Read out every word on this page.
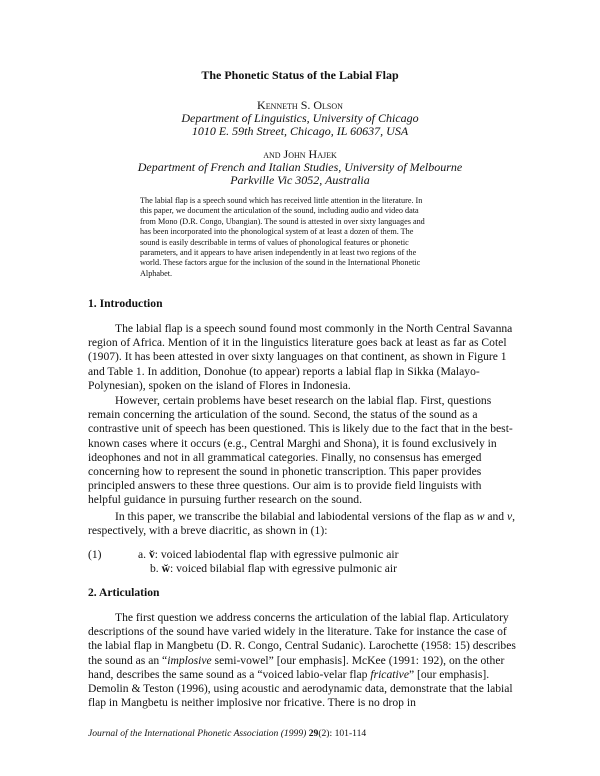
The Phonetic Status of the Labial Flap
Kenneth S. Olson
Department of Linguistics, University of Chicago
1010 E. 59th Street, Chicago, IL 60637, USA
and John Hajek
Department of French and Italian Studies, University of Melbourne
Parkville Vic 3052, Australia
The labial flap is a speech sound which has received little attention in the literature. In
this paper, we document the articulation of the sound, including audio and video data
from Mono (D.R. Congo, Ubangian). The sound is attested in over sixty languages and
has been incorporated into the phonological system of at least a dozen of them. The
sound is easily describable in terms of values of phonological features or phonetic
parameters, and it appears to have arisen independently in at least two regions of the
world. These factors argue for the inclusion of the sound in the International Phonetic
Alphabet.
1. Introduction
The labial flap is a speech sound found most commonly in the North Central Savanna region of Africa. Mention of it in the linguistics literature goes back at least as far as Cotel (1907). It has been attested in over sixty languages on that continent, as shown in Figure 1 and Table 1. In addition, Donohue (to appear) reports a labial flap in Sikka (Malayo-Polynesian), spoken on the island of Flores in Indonesia.
However, certain problems have beset research on the labial flap. First, questions remain concerning the articulation of the sound. Second, the status of the sound as a contrastive unit of speech has been questioned. This is likely due to the fact that in the best-known cases where it occurs (e.g., Central Marghi and Shona), it is found exclusively in ideophones and not in all grammatical categories. Finally, no consensus has emerged concerning how to represent the sound in phonetic transcription. This paper provides principled answers to these three questions. Our aim is to provide field linguists with helpful guidance in pursuing further research on the sound.
In this paper, we transcribe the bilabial and labiodental versions of the flap as w and v, respectively, with a breve diacritic, as shown in (1):
(1)	a. v̆: voiced labiodental flap with egressive pulmonic air
b. w̆: voiced bilabial flap with egressive pulmonic air
2. Articulation
The first question we address concerns the articulation of the labial flap. Articulatory descriptions of the sound have varied widely in the literature. Take for instance the case of the labial flap in Mangbetu (D. R. Congo, Central Sudanic). Larochette (1958: 15) describes the sound as an “implosive semi-vowel” [our emphasis]. McKee (1991: 192), on the other hand, describes the same sound as a “voiced labio-velar flap fricative” [our emphasis]. Demolin & Teston (1996), using acoustic and aerodynamic data, demonstrate that the labial flap in Mangbetu is neither implosive nor fricative. There is no drop in
Journal of the International Phonetic Association (1999) 29(2): 101-114
